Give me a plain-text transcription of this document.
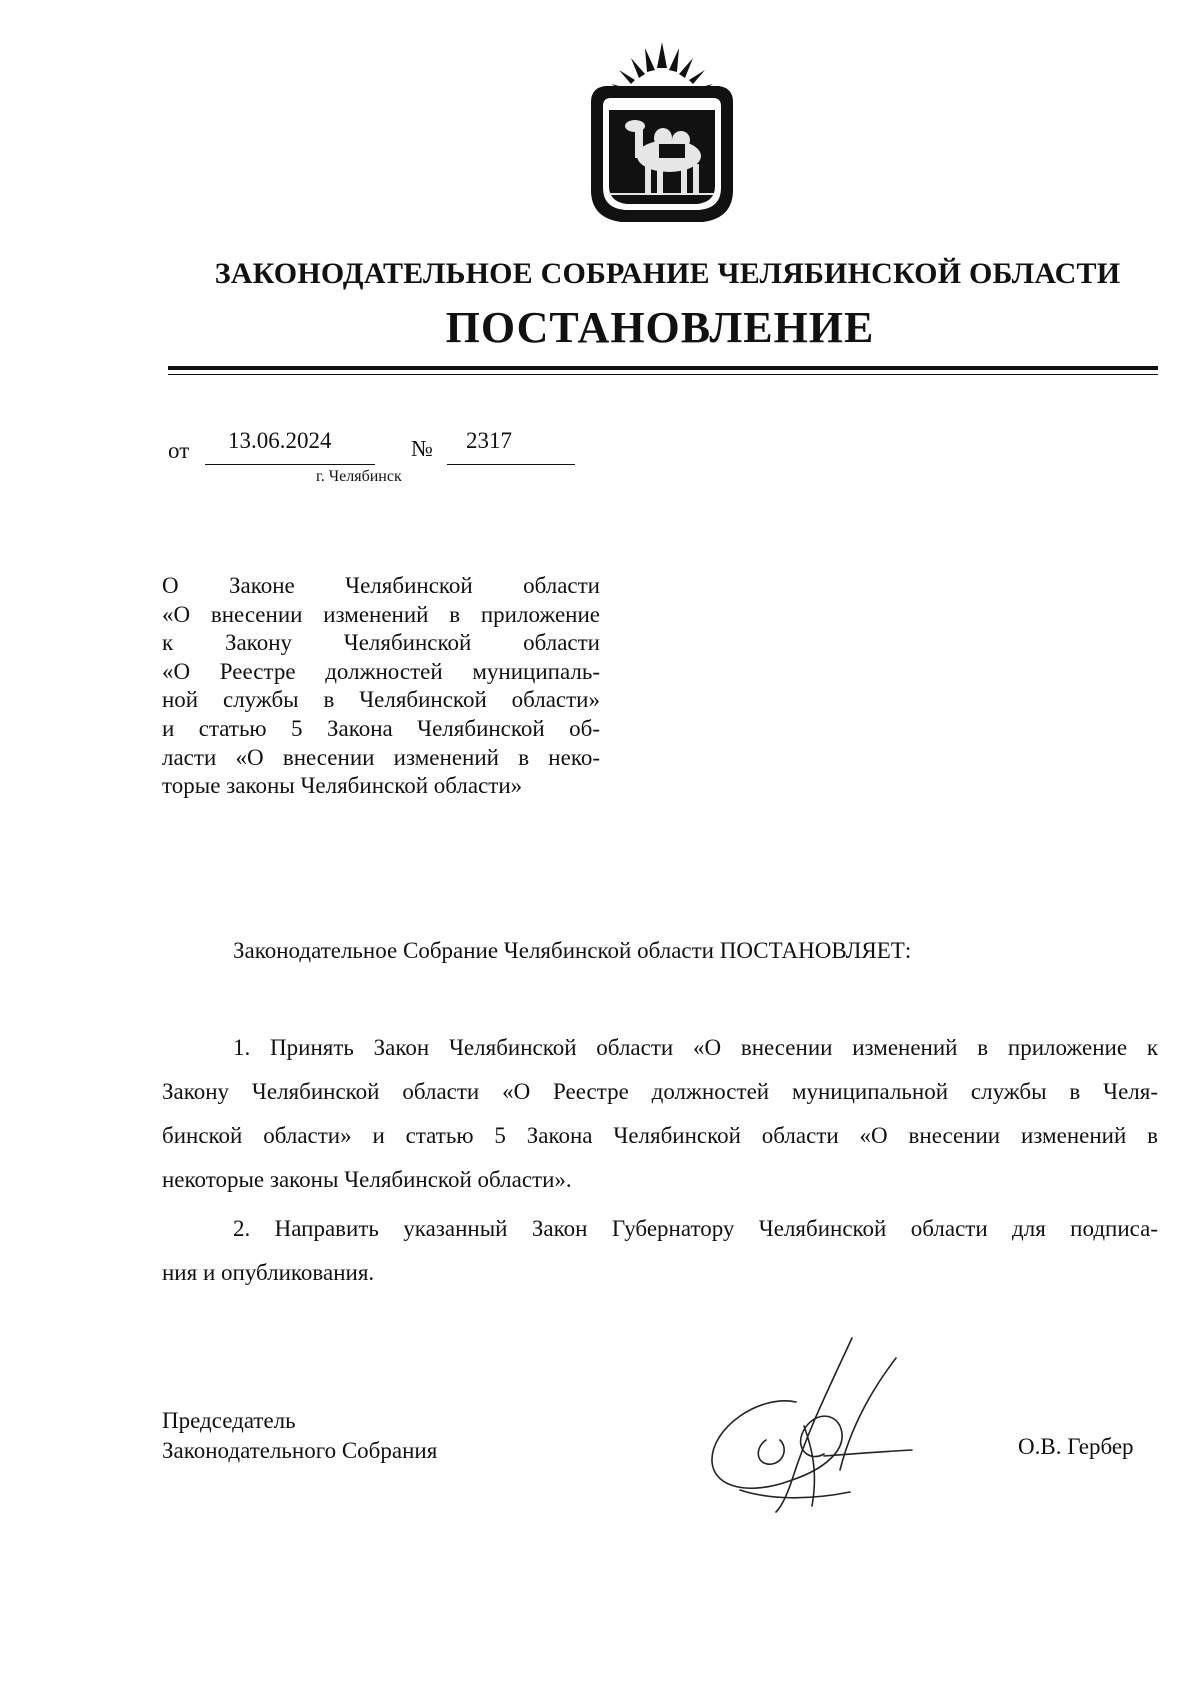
ЗАКОНОДАТЕЛЬНОЕ СОБРАНИЕ ЧЕЛЯБИНСКОЙ ОБЛАСТИ
ПОСТАНОВЛЕНИЕ
от 13.06.2024	№ 2317
г. Челябинск
О Законе Челябинской области
«О внесении изменений в приложение
к Закону Челябинской области
«О Реестре должностей муниципаль-
ной службы в Челябинской области»
и статью 5 Закона Челябинской об-
ласти «О внесении изменений в неко-
торые законы Челябинской области»
Законодательное Собрание Челябинской области ПОСТАНОВЛЯЕТ:
1. Принять Закон Челябинской области «О внесении изменений в приложение к
Закону Челябинской области «О Реестре должностей муниципальной службы в Челя-
бинской области» и статью 5 Закона Челябинской области «О внесении изменений в
некоторые законы Челябинской области».
2. Направить указанный Закон Губернатору Челябинской области для подписа-
ния и опубликования.
Председатель
Законодательного Собрания	О.В. Гербер
